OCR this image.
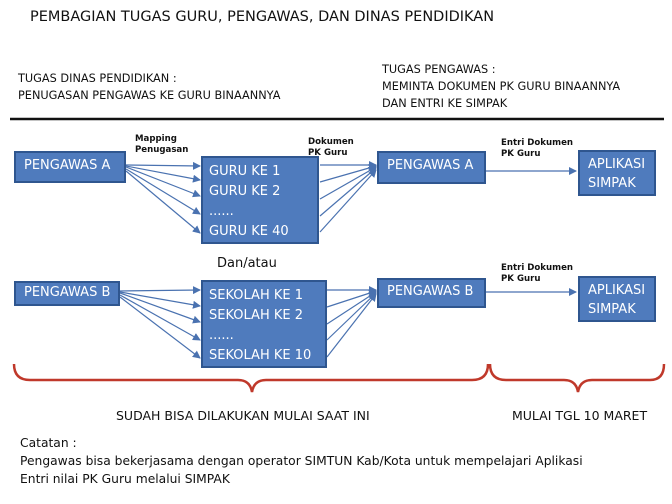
PEMBAGIAN TUGAS GURU, PENGAWAS, DAN DINAS PENDIDIKAN
TUGAS DINAS PENDIDIKAN :
PENUGASAN PENGAWAS KE GURU BINAANNYA
TUGAS PENGAWAS :
MEMINTA DOKUMEN PK GURU BINAANNYA
DAN ENTRI KE SIMPAK
PENGAWAS A	GURU KE 1
GURU KE 2
......
GURU KE 40
PENGAWAS A	APLIKASI
SIMPAK
Mapping
Penugasan
Dokumen
PK Guru
Entri Dokumen
PK Guru
Dan/atau
PENGAWAS B	SEKOLAH KE 1
SEKOLAH KE 2
......
SEKOLAH KE 10
PENGAWAS B	APLIKASI
SIMPAK
Entri Dokumen
PK Guru
SUDAH BISA DILAKUKAN MULAI SAAT INI	MULAI TGL 10 MARET
Catatan :
Pengawas bisa bekerjasama dengan operator SIMTUN Kab/Kota untuk mempelajari Aplikasi
Entri nilai PK Guru melalui SIMPAK
